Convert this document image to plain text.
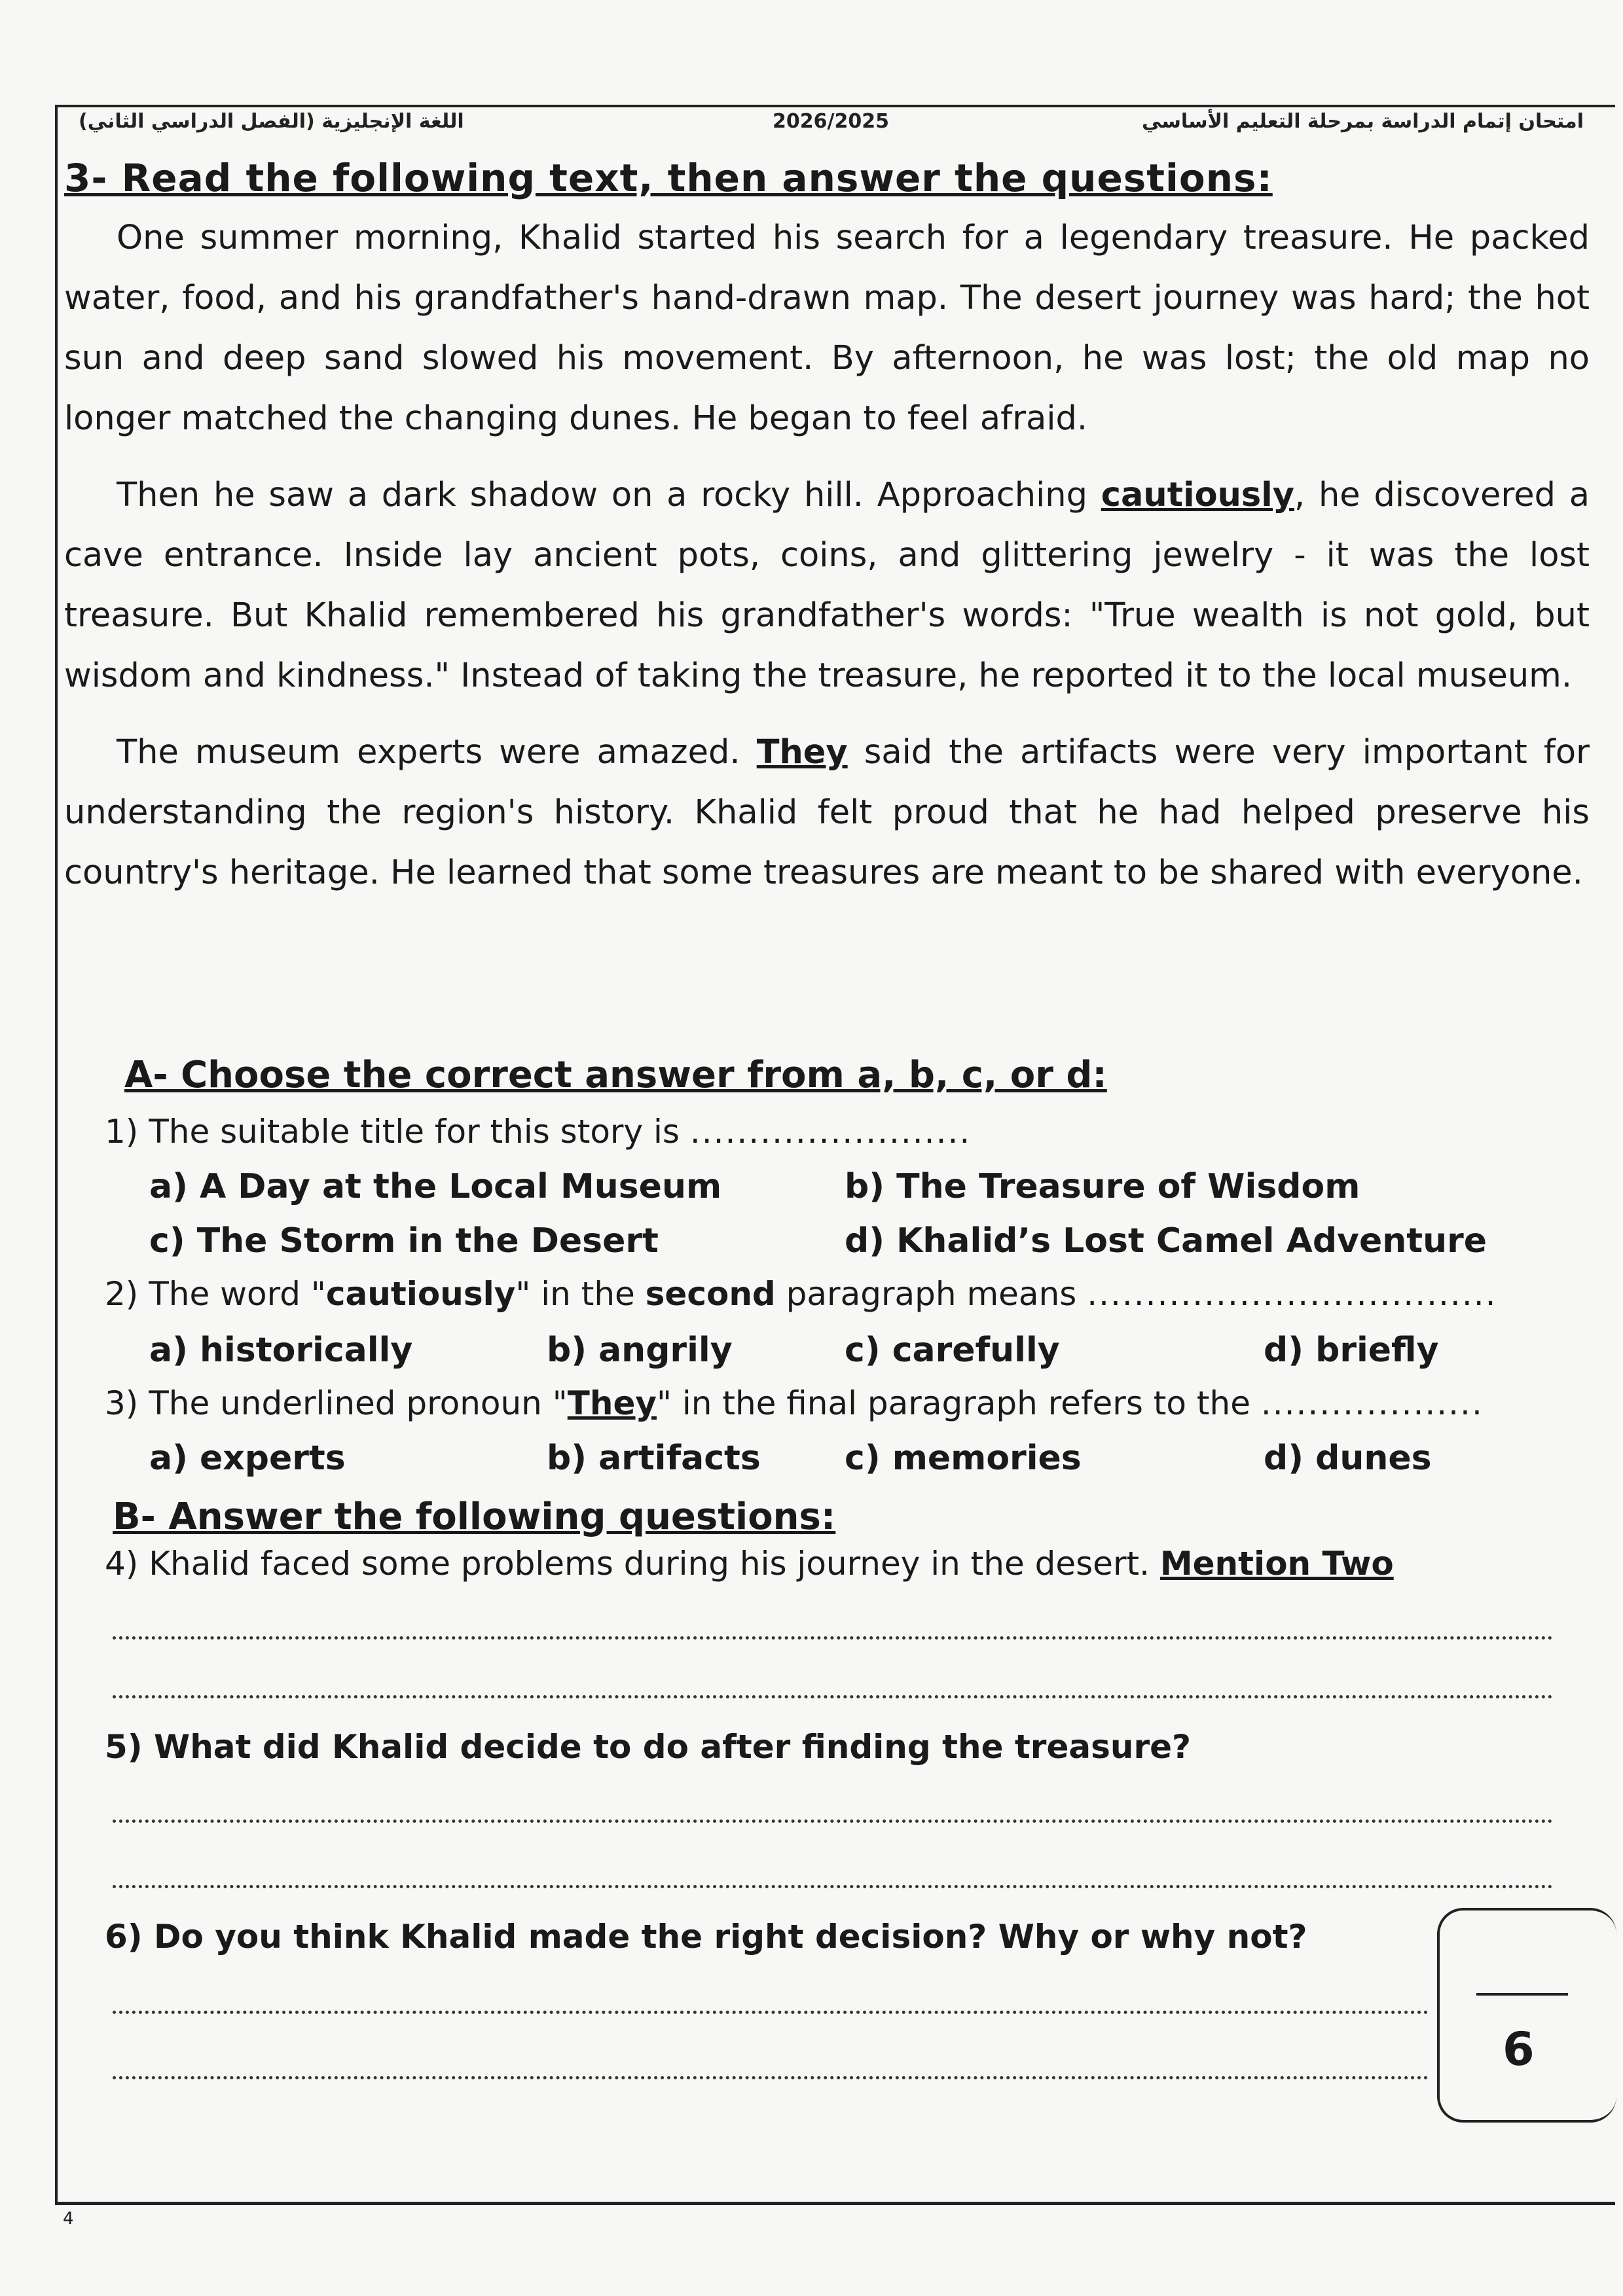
اللغة الإنجليزية (الفصل الدراسي الثاني)	2026/2025	امتحان إتمام الدراسة بمرحلة التعليم الأساسي
3- Read the following text, then answer the questions:

One summer morning, Khalid started his search for a legendary treasure. He packed water, food, and his grandfather's hand-drawn map. The desert journey was hard; the hot sun and deep sand slowed his movement. By afternoon, he was lost; the old map no longer matched the changing dunes. He began to feel afraid.

Then he saw a dark shadow on a rocky hill. Approaching cautiously, he discovered a cave entrance. Inside lay ancient pots, coins, and glittering jewelry - it was the lost treasure. But Khalid remembered his grandfather's words: "True wealth is not gold, but wisdom and kindness." Instead of taking the treasure, he reported it to the local museum.

The museum experts were amazed. They said the artifacts were very important for understanding the region's history. Khalid felt proud that he had helped preserve his country's heritage. He learned that some treasures are meant to be shared with everyone.

A- Choose the correct answer from a, b, c, or d:
1) The suitable title for this story is ........................
a) A Day at the Local Museum	b) The Treasure of Wisdom
c) The Storm in the Desert	d) Khalid’s Lost Camel Adventure
2) The word "cautiously" in the second paragraph means ...................................
a) historically	b) angrily	c) carefully	d) briefly
3) The underlined pronoun "They" in the final paragraph refers to the ...................
a) experts	b) artifacts c) memories	d) dunes
B- Answer the following questions:
4) Khalid faced some problems during his journey in the desert. Mention Two
5) What did Khalid decide to do after finding the treasure?
6) Do you think Khalid made the right decision? Why or why not?
6
4
